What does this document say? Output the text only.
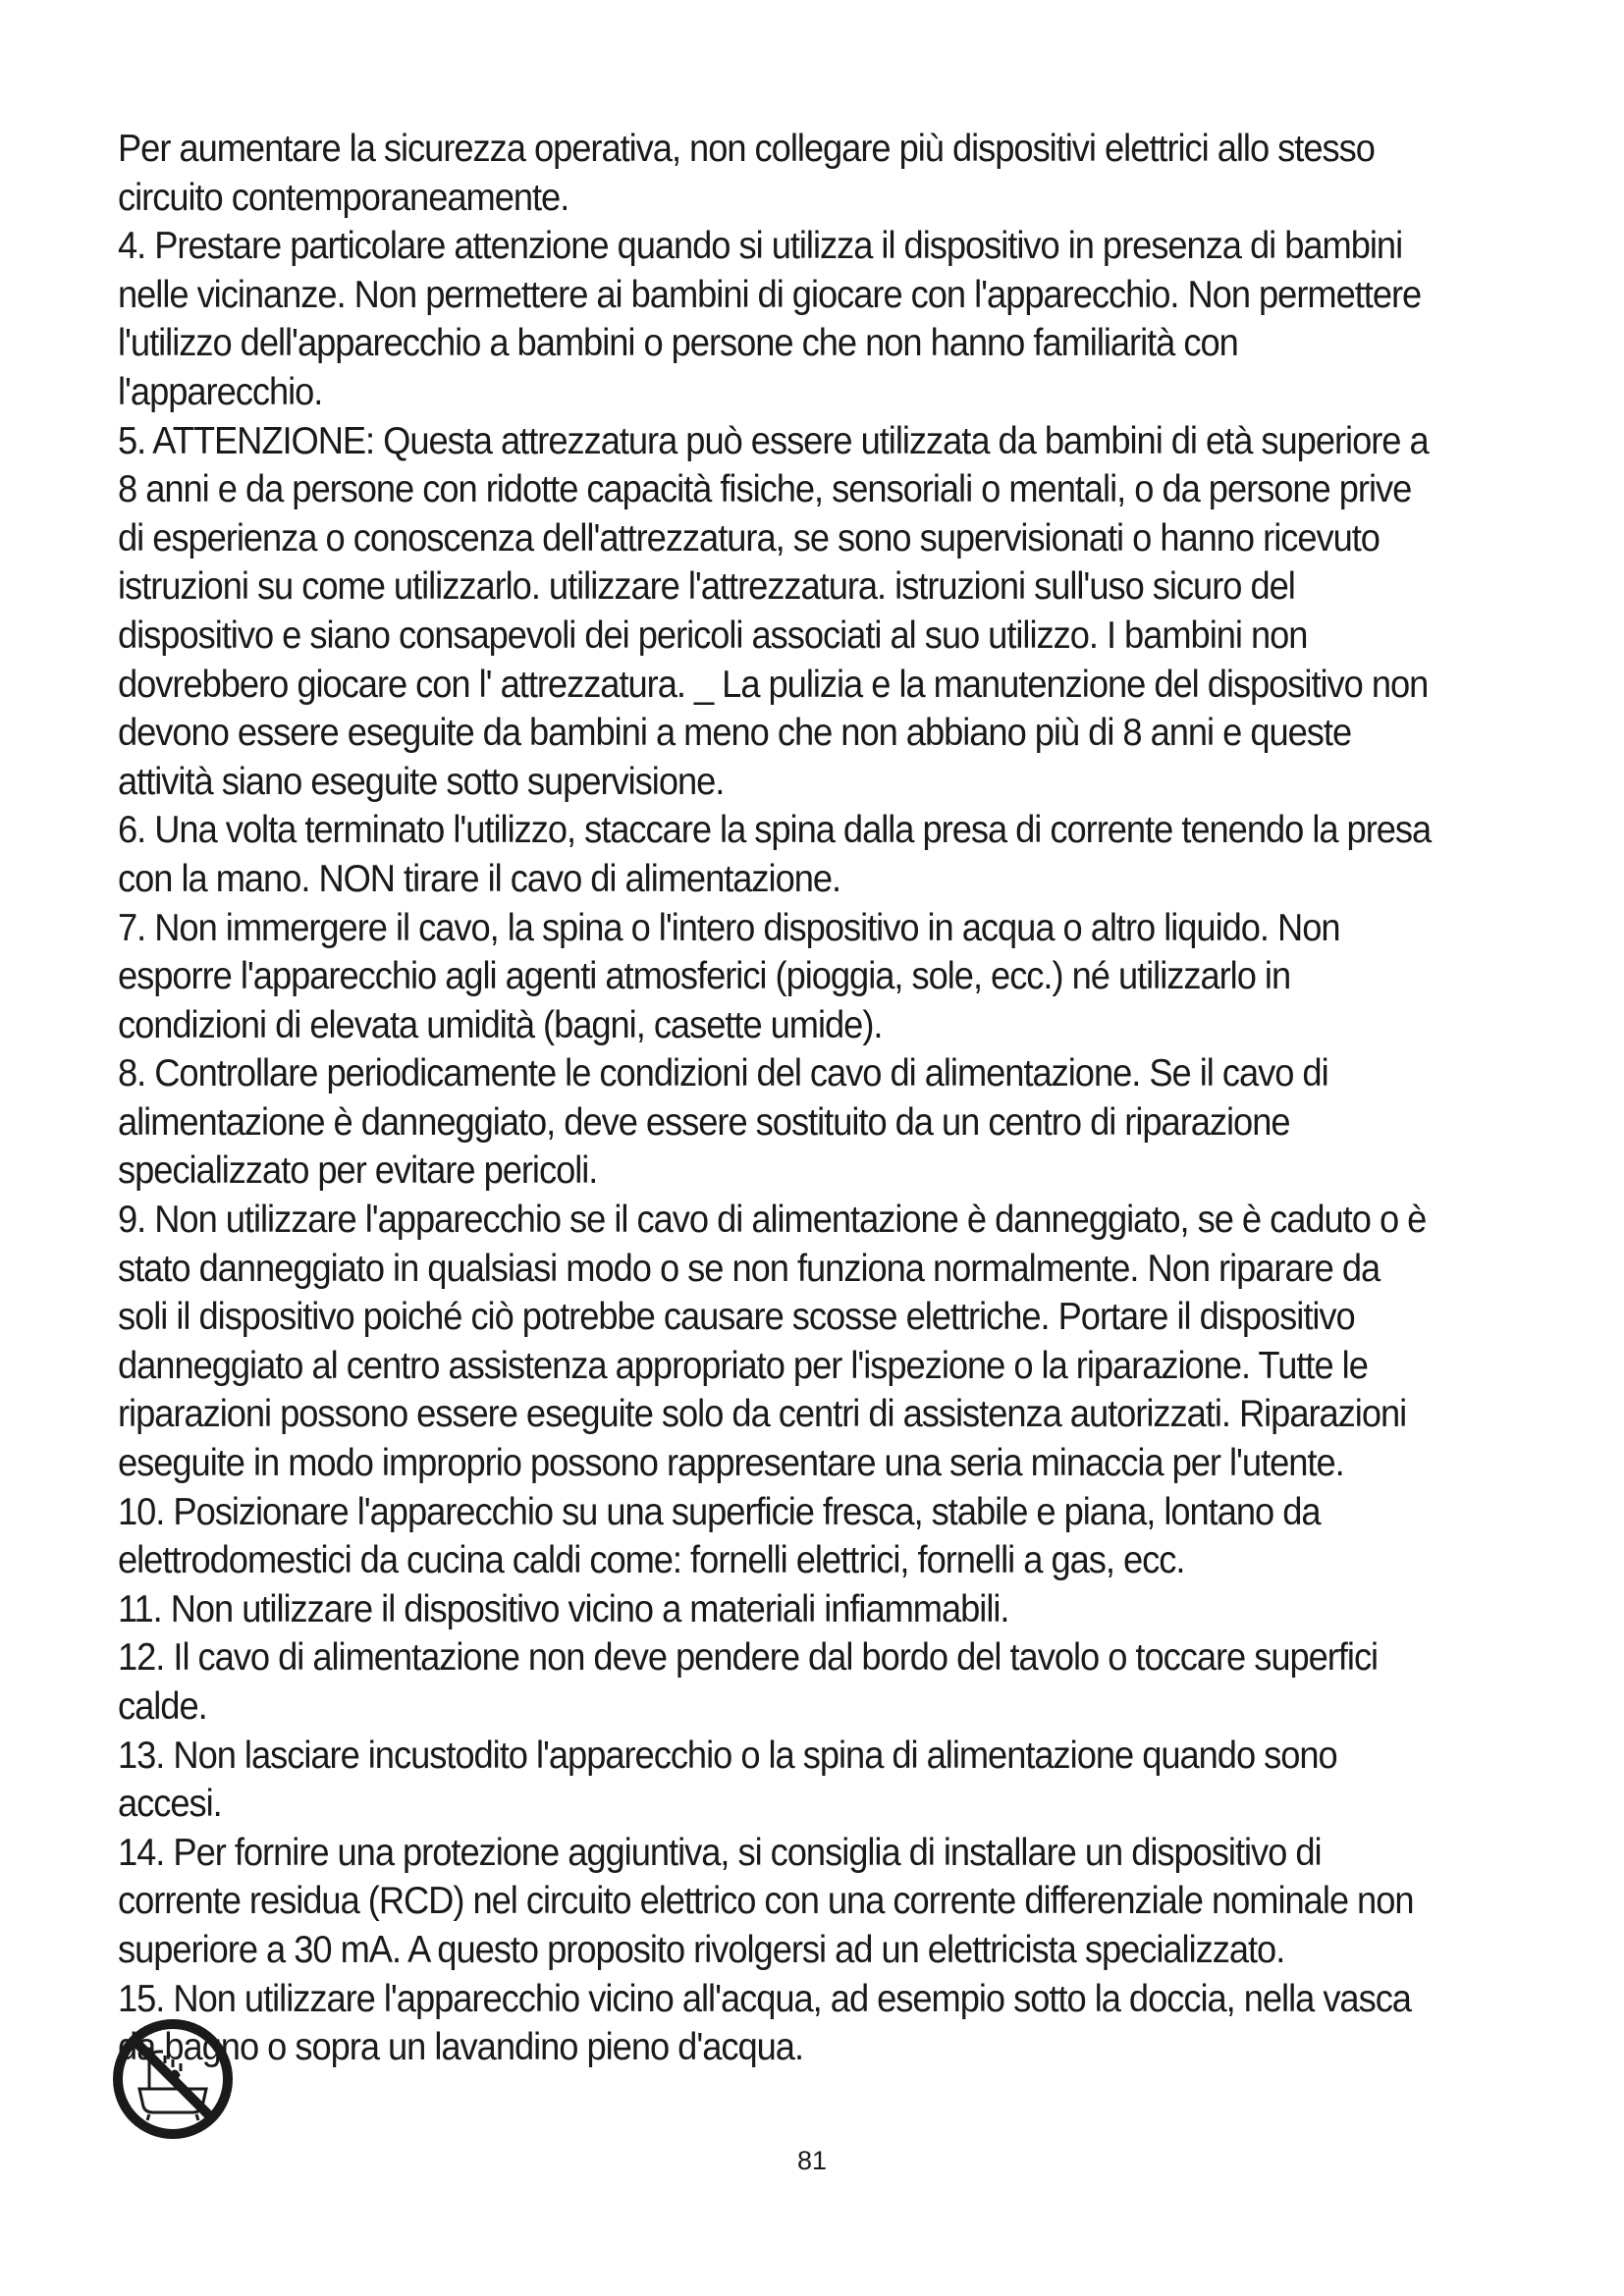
Per aumentare la sicurezza operativa, non collegare più dispositivi elettrici allo stesso circuito contemporaneamente.

4. Prestare particolare attenzione quando si utilizza il dispositivo in presenza di bambini nelle vicinanze. Non permettere ai bambini di giocare con l'apparecchio. Non permettere l'utilizzo dell'apparecchio a bambini o persone che non hanno familiarità con l'apparecchio.

5. ATTENZIONE: Questa attrezzatura può essere utilizzata da bambini di età superiore a 8 anni e da persone con ridotte capacità fisiche, sensoriali o mentali, o da persone prive di esperienza o conoscenza dell'attrezzatura, se sono supervisionati o hanno ricevuto istruzioni su come utilizzarlo. utilizzare l'attrezzatura. istruzioni sull'uso sicuro del dispositivo e siano consapevoli dei pericoli associati al suo utilizzo. I bambini non dovrebbero giocare con l' attrezzatura. _ La pulizia e la manutenzione del dispositivo non devono essere eseguite da bambini a meno che non abbiano più di 8 anni e queste attività siano eseguite sotto supervisione.

6. Una volta terminato l'utilizzo, staccare la spina dalla presa di corrente tenendo la presa con la mano. NON tirare il cavo di alimentazione.

7. Non immergere il cavo, la spina o l'intero dispositivo in acqua o altro liquido. Non esporre l'apparecchio agli agenti atmosferici (pioggia, sole, ecc.) né utilizzarlo in condizioni di elevata umidità (bagni, casette umide).

8. Controllare periodicamente le condizioni del cavo di alimentazione. Se il cavo di alimentazione è danneggiato, deve essere sostituito da un centro di riparazione specializzato per evitare pericoli.

9. Non utilizzare l'apparecchio se il cavo di alimentazione è danneggiato, se è caduto o è stato danneggiato in qualsiasi modo o se non funziona normalmente. Non riparare da soli il dispositivo poiché ciò potrebbe causare scosse elettriche. Portare il dispositivo danneggiato al centro assistenza appropriato per l'ispezione o la riparazione. Tutte le riparazioni possono essere eseguite solo da centri di assistenza autorizzati. Riparazioni eseguite in modo improprio possono rappresentare una seria minaccia per l'utente.

10. Posizionare l'apparecchio su una superficie fresca, stabile e piana, lontano da elettrodomestici da cucina caldi come: fornelli elettrici, fornelli a gas, ecc.

11. Non utilizzare il dispositivo vicino a materiali infiammabili.

12. Il cavo di alimentazione non deve pendere dal bordo del tavolo o toccare superfici calde.

13. Non lasciare incustodito l'apparecchio o la spina di alimentazione quando sono accesi.

14. Per fornire una protezione aggiuntiva, si consiglia di installare un dispositivo di corrente residua (RCD) nel circuito elettrico con una corrente differenziale nominale non superiore a 30 mA. A questo proposito rivolgersi ad un elettricista specializzato.

15. Non utilizzare l'apparecchio vicino all'acqua, ad esempio sotto la doccia, nella vasca da bagno o sopra un lavandino pieno d'acqua.

81
